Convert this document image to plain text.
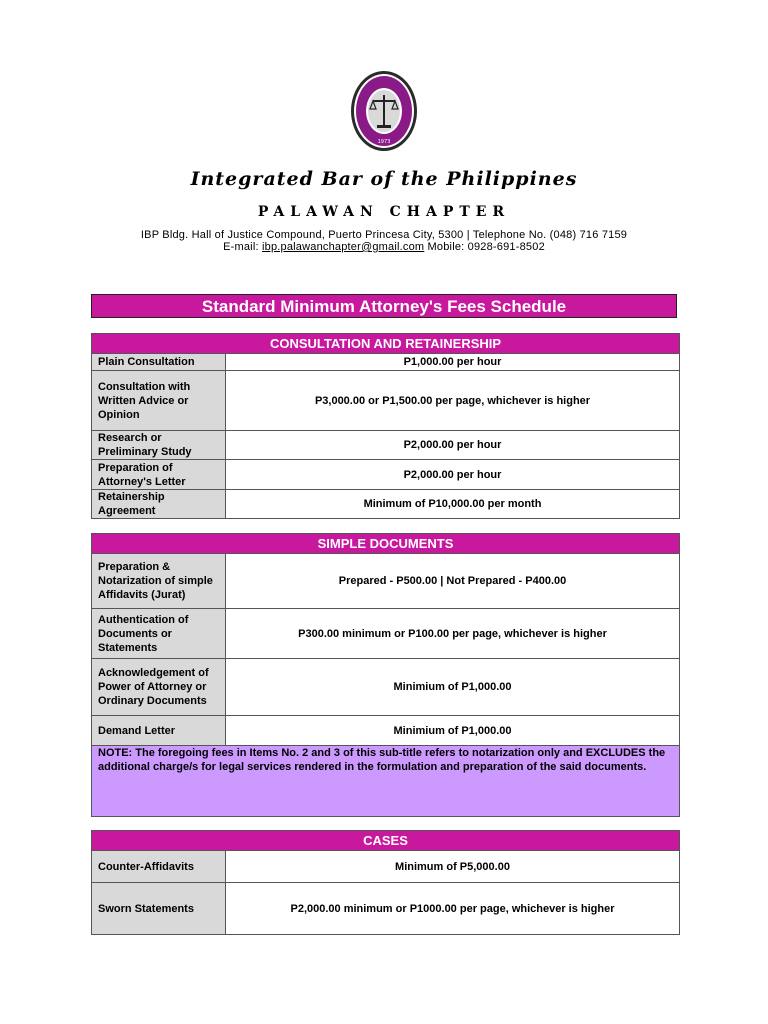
1973
Integrated Bar of the Philippines
PALAWAN CHAPTER
IBP Bldg. Hall of Justice Compound, Puerto Princesa City, 5300 | Telephone No. (048) 716 7159
E-mail: ibp.palawanchapter@gmail.com Mobile: 0928-691-8502
Standard Minimum Attorney's Fees Schedule
CONSULTATION AND RETAINERSHIP	
Plain Consultation	P1,000.00 per hour
Consultation with Written Advice or Opinion	P3,000.00 or P1,500.00 per page, whichever is higher
Research or Preliminary Study	P2,000.00 per hour
Preparation of Attorney's Letter	P2,000.00 per hour
Retainership Agreement	Minimum of P10,000.00 per month
SIMPLE DOCUMENTS	
Preparation & Notarization of simple Affidavits (Jurat)	Prepared - P500.00 | Not Prepared - P400.00
Authentication of Documents or Statements	P300.00 minimum or P100.00 per page, whichever is higher
Acknowledgement of Power of Attorney or Ordinary Documents	Minimium of P1,000.00
Demand Letter	Minimium of P1,000.00
NOTE: The foregoing fees in Items No. 2 and 3 of this sub-title refers to notarization only and EXCLUDES the additional charge/s for legal services rendered in the formulation and preparation of the said documents.	
CASES	
Counter-Affidavits	Minimum of P5,000.00
Sworn Statements	P2,000.00 minimum or P1000.00 per page, whichever is higher
